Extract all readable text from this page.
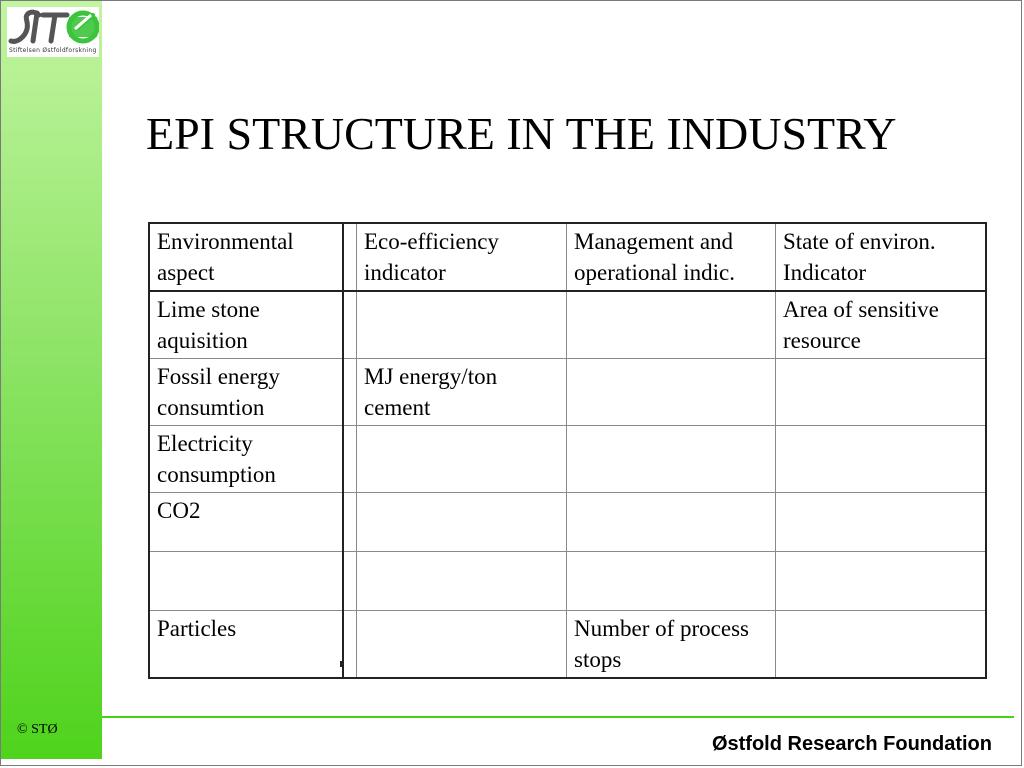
Stiftelsen Østfoldforskning
© STØ
EPI STRUCTURE IN THE INDUSTRY
Environmental aspect		Eco-efficiency indicator	Management and operational indic.	State of environ. Indicator
Lime stone aquisition				Area of sensitive resource
Fossil energy consumtion		MJ energy/ton cement		
Electricity consumption				
CO2				

Particles			Number of process stops	
Østfold Research Foundation
